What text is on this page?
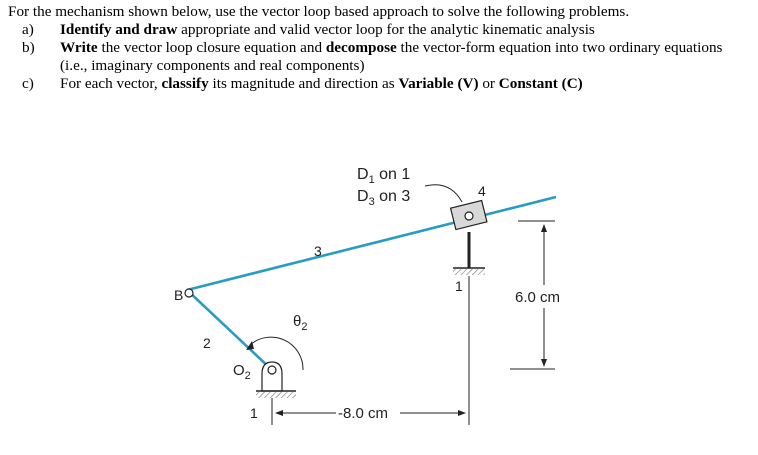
For the mechanism shown below, use the vector loop based approach to solve the following problems.
a)	Identify and draw appropriate and valid vector loop for the analytic kinematic analysis
b)	Write the vector loop closure equation and decompose the vector-form equation into two ordinary equations (i.e., imaginary components and real components)
c)	For each vector, classify its magnitude and direction as Variable (V) or Constant (C)
$D_1$ on 1
$D_3$ on 3	4
3
1
B
2
$\theta_2$
$O_2$
1
6.0 cm
-8.0 cm
